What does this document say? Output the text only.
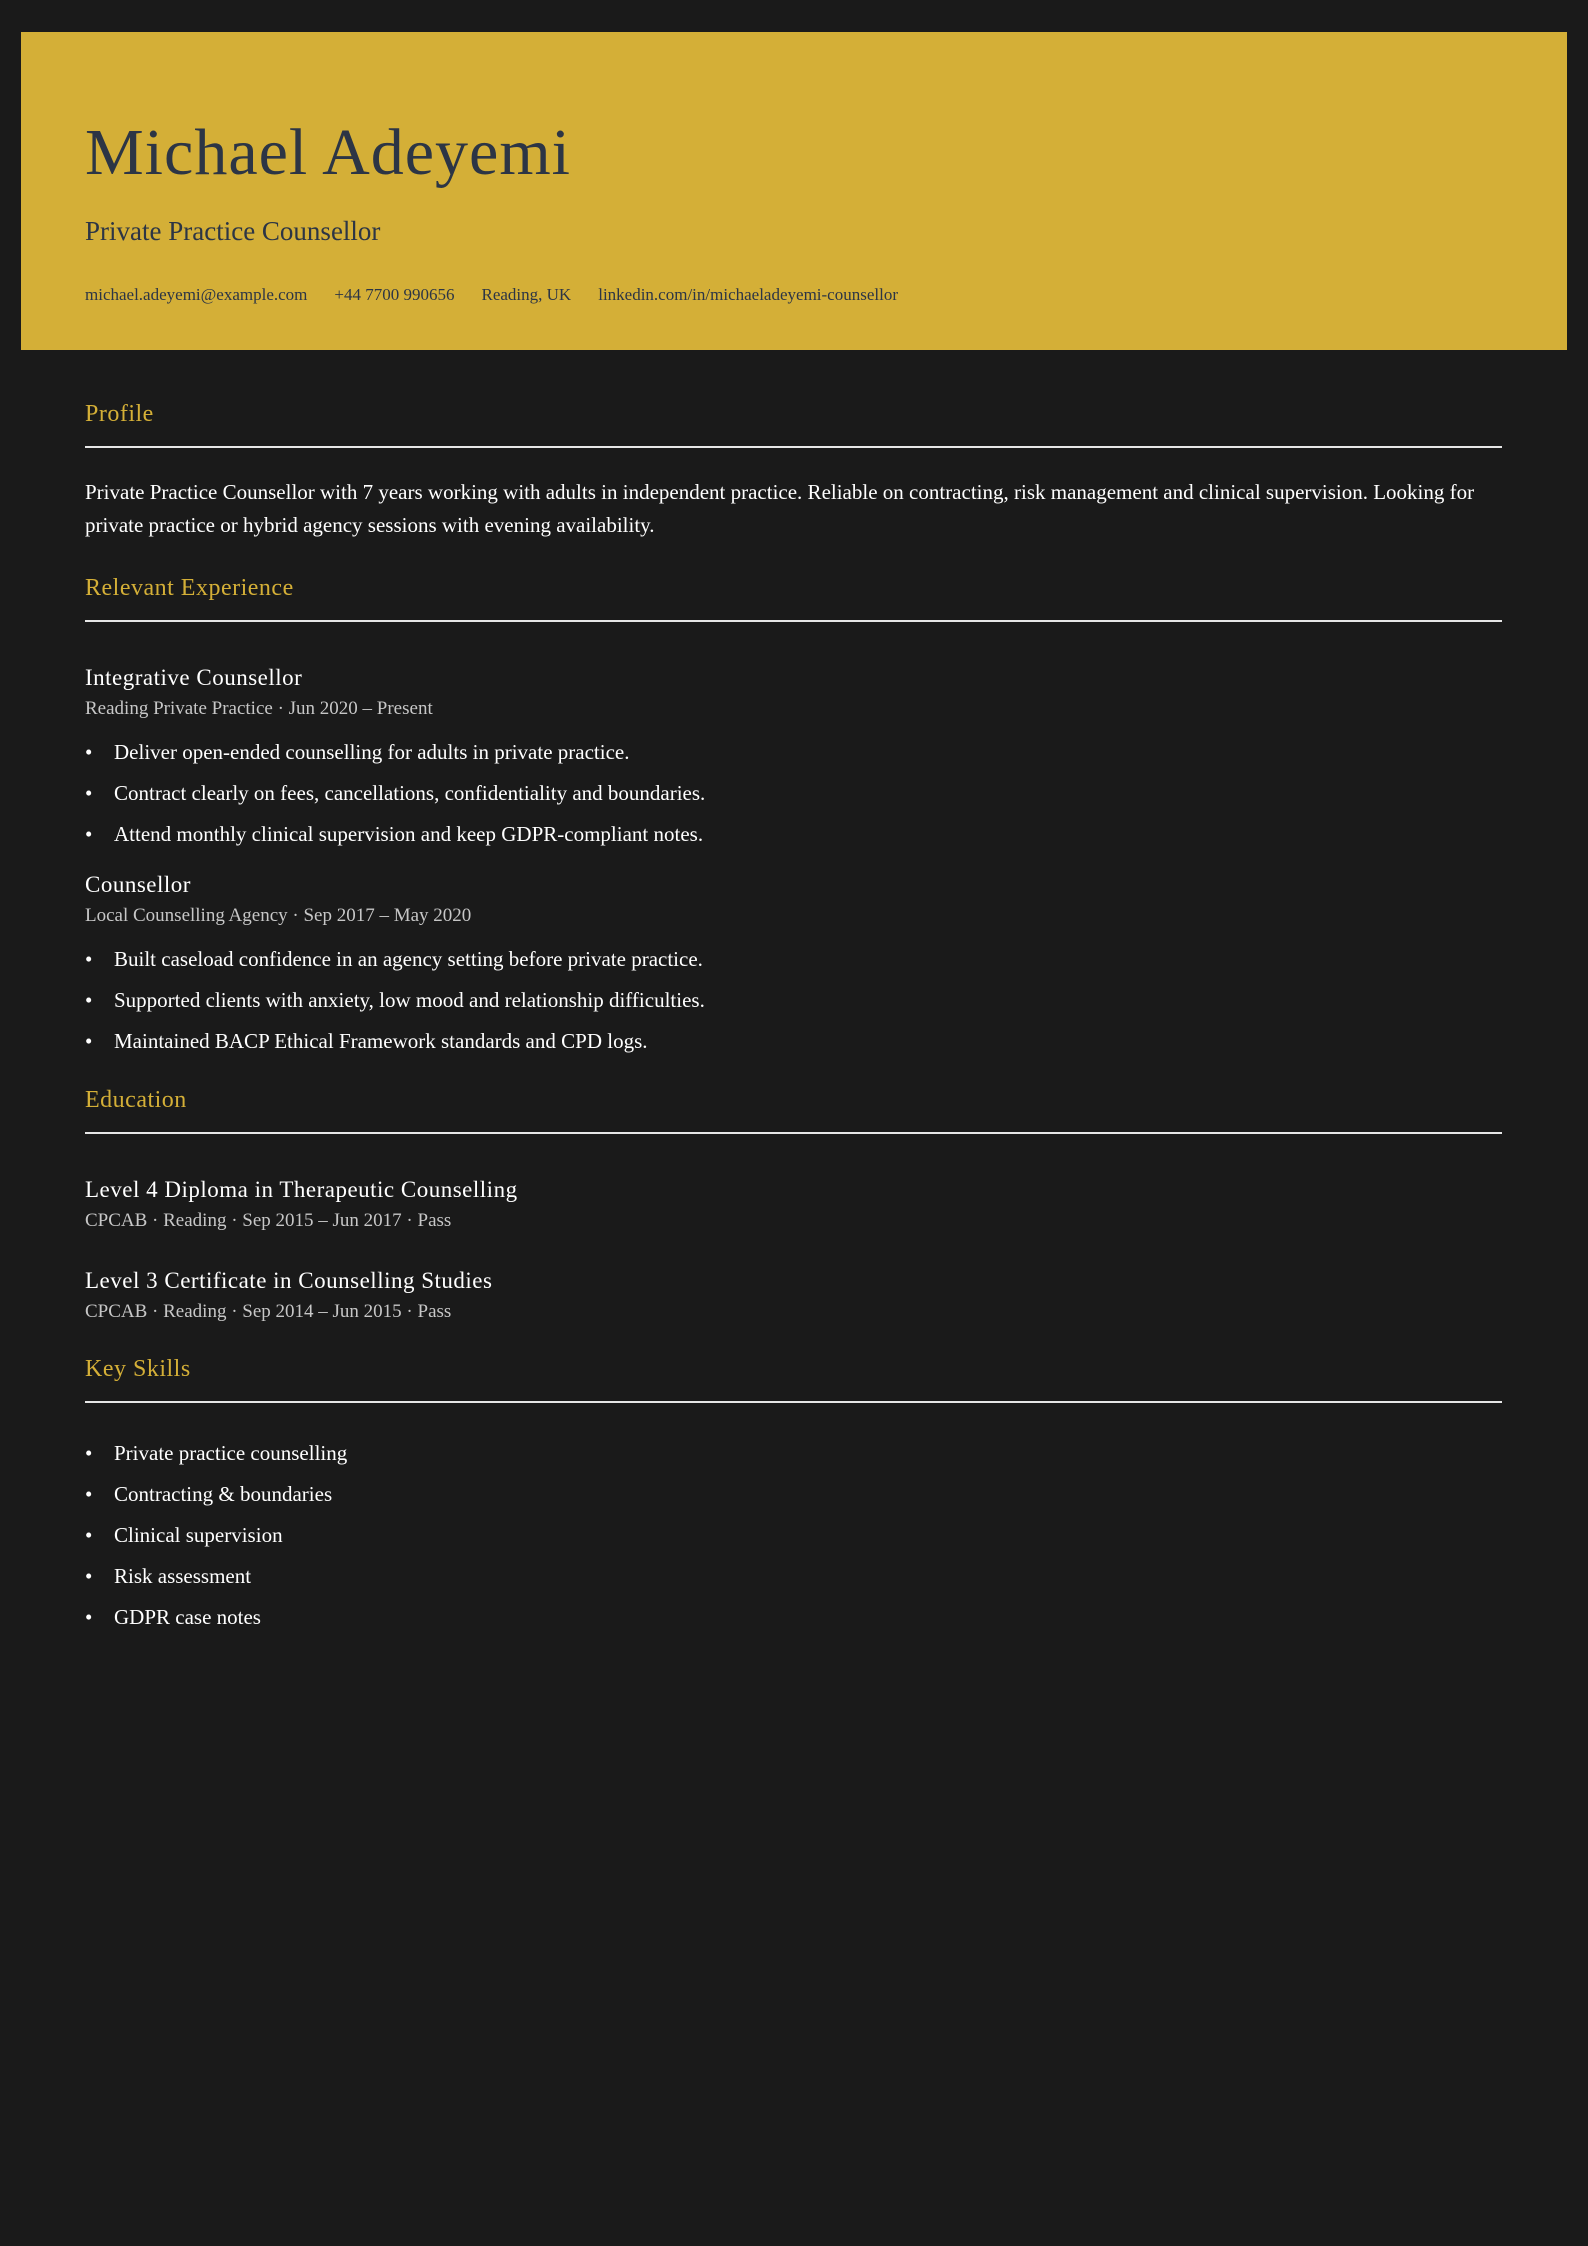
Michael Adeyemi
Private Practice Counsellor
michael.adeyemi@example.com +44 7700 990656 Reading, UK linkedin.com/in/michaeladeyemi-counsellor
Profile

Private Practice Counsellor with 7 years working with adults in independent practice. Reliable on contracting, risk management and clinical supervision. Looking for private practice or hybrid agency sessions with evening availability.

Relevant Experience
Integrative Counsellor
Reading Private Practice · Jun 2020 – Present
• Deliver open-ended counselling for adults in private practice.
• Contract clearly on fees, cancellations, confidentiality and boundaries.
• Attend monthly clinical supervision and keep GDPR-compliant notes.
Counsellor
Local Counselling Agency · Sep 2017 – May 2020
• Built caseload confidence in an agency setting before private practice.
• Supported clients with anxiety, low mood and relationship difficulties.
• Maintained BACP Ethical Framework standards and CPD logs.
Education
Level 4 Diploma in Therapeutic Counselling
CPCAB · Reading · Sep 2015 – Jun 2017 · Pass
Level 3 Certificate in Counselling Studies
CPCAB · Reading · Sep 2014 – Jun 2015 · Pass
Key Skills
• Private practice counselling
• Contracting & boundaries
• Clinical supervision
• Risk assessment
• GDPR case notes
